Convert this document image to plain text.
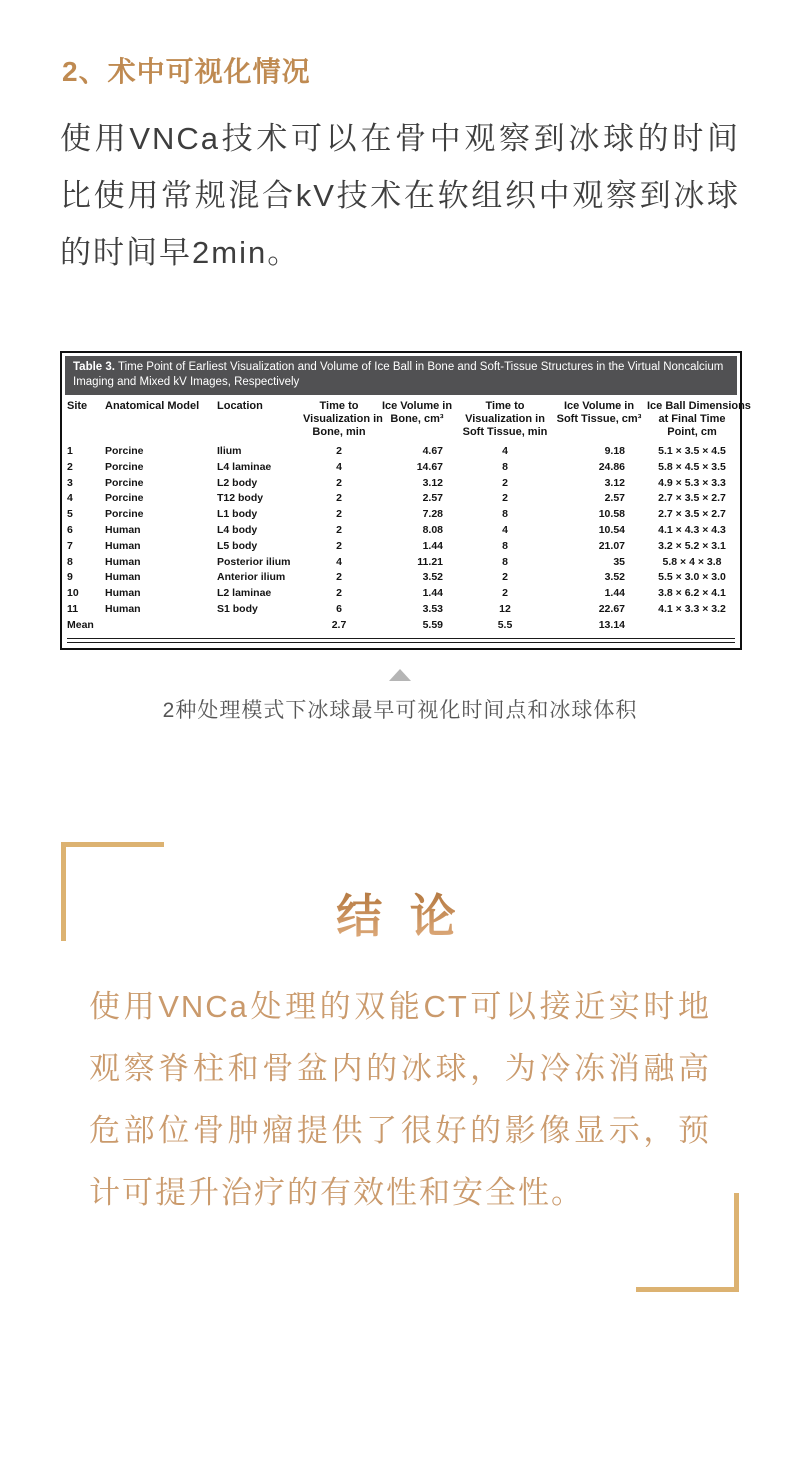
2、术中可视化情况

使用VNCa技术可以在骨中观察到冰球的时间比使用常规混合kV技术在软组织中观察到冰球的时间早2min。

Table 3. Time Point of Earliest Visualization and Volume of Ice Ball in Bone and Soft-Tissue Structures in the Virtual Noncalcium Imaging and Mixed kV Images, Respectively
Site	Anatomical Model	Location	Time to
Visualization in
Bone, min	Ice Volume in
Bone, cm³	Time to
Visualization in
Soft Tissue, min	Ice Volume in
Soft Tissue, cm³	Ice Ball Dimensions
at Final Time
Point, cm
1	Porcine	Ilium	2	4.67	4	9.18	5.1 × 3.5 × 4.5
2	Porcine	L4 laminae	4	14.67	8	24.86	5.8 × 4.5 × 3.5
3	Porcine	L2 body	2	3.12	2	3.12	4.9 × 5.3 × 3.3
4	Porcine	T12 body	2	2.57	2	2.57	2.7 × 3.5 × 2.7
5	Porcine	L1 body	2	7.28	8	10.58	2.7 × 3.5 × 2.7
6	Human	L4 body	2	8.08	4	10.54	4.1 × 4.3 × 4.3
7	Human	L5 body	2	1.44	8	21.07	3.2 × 5.2 × 3.1
8	Human	Posterior ilium	4	11.21	8	35	5.8 × 4 × 3.8
9	Human	Anterior ilium	2	3.52	2	3.52	5.5 × 3.0 × 3.0
10	Human	L2 laminae	2	1.44	2	1.44	3.8 × 6.2 × 4.1
11	Human	S1 body	6	3.53	12	22.67	4.1 × 3.3 × 3.2
Mean			2.7	5.59	5.5	13.14	
2种处理模式下冰球最早可视化时间点和冰球体积
结 论

使用VNCa处理的双能CT可以接近实时地观察脊柱和骨盆内的冰球，为冷冻消融高危部位骨肿瘤提供了很好的影像显示，预计可提升治疗的有效性和安全性。
